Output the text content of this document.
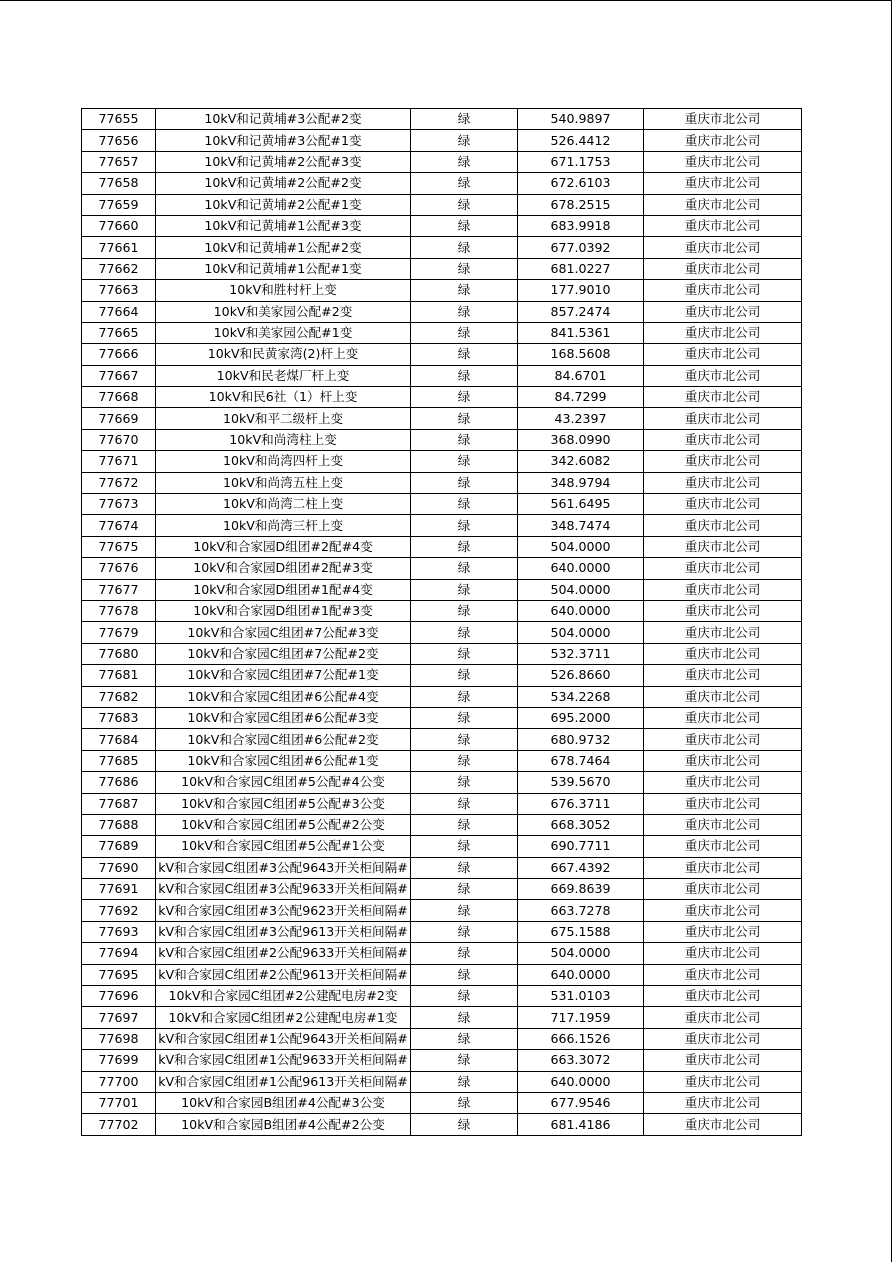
77655	10kV和记黄埔#3公配#2变	绿	540.9897	重庆市北公司
77656	10kV和记黄埔#3公配#1变	绿	526.4412	重庆市北公司
77657	10kV和记黄埔#2公配#3变	绿	671.1753	重庆市北公司
77658	10kV和记黄埔#2公配#2变	绿	672.6103	重庆市北公司
77659	10kV和记黄埔#2公配#1变	绿	678.2515	重庆市北公司
77660	10kV和记黄埔#1公配#3变	绿	683.9918	重庆市北公司
77661	10kV和记黄埔#1公配#2变	绿	677.0392	重庆市北公司
77662	10kV和记黄埔#1公配#1变	绿	681.0227	重庆市北公司
77663	10kV和胜村杆上变	绿	177.9010	重庆市北公司
77664	10kV和美家园公配#2变	绿	857.2474	重庆市北公司
77665	10kV和美家园公配#1变	绿	841.5361	重庆市北公司
77666	10kV和民黄家湾(2)杆上变	绿	168.5608	重庆市北公司
77667	10kV和民老煤厂杆上变	绿	84.6701	重庆市北公司
77668	10kV和民6社（1）杆上变	绿	84.7299	重庆市北公司
77669	10kV和平二级杆上变	绿	43.2397	重庆市北公司
77670	10kV和尚湾柱上变	绿	368.0990	重庆市北公司
77671	10kV和尚湾四杆上变	绿	342.6082	重庆市北公司
77672	10kV和尚湾五柱上变	绿	348.9794	重庆市北公司
77673	10kV和尚湾二柱上变	绿	561.6495	重庆市北公司
77674	10kV和尚湾三杆上变	绿	348.7474	重庆市北公司
77675	10kV和合家园D组团#2配#4变	绿	504.0000	重庆市北公司
77676	10kV和合家园D组团#2配#3变	绿	640.0000	重庆市北公司
77677	10kV和合家园D组团#1配#4变	绿	504.0000	重庆市北公司
77678	10kV和合家园D组团#1配#3变	绿	640.0000	重庆市北公司
77679	10kV和合家园C组团#7公配#3变	绿	504.0000	重庆市北公司
77680	10kV和合家园C组团#7公配#2变	绿	532.3711	重庆市北公司
77681	10kV和合家园C组团#7公配#1变	绿	526.8660	重庆市北公司
77682	10kV和合家园C组团#6公配#4变	绿	534.2268	重庆市北公司
77683	10kV和合家园C组团#6公配#3变	绿	695.2000	重庆市北公司
77684	10kV和合家园C组团#6公配#2变	绿	680.9732	重庆市北公司
77685	10kV和合家园C组团#6公配#1变	绿	678.7464	重庆市北公司
77686	10kV和合家园C组团#5公配#4公变	绿	539.5670	重庆市北公司
77687	10kV和合家园C组团#5公配#3公变	绿	676.3711	重庆市北公司
77688	10kV和合家园C组团#5公配#2公变	绿	668.3052	重庆市北公司
77689	10kV和合家园C组团#5公配#1公变	绿	690.7711	重庆市北公司
77690	kV和合家园C组团#3公配9643开关柜间隔#	绿	667.4392	重庆市北公司
77691	kV和合家园C组团#3公配9633开关柜间隔#	绿	669.8639	重庆市北公司
77692	kV和合家园C组团#3公配9623开关柜间隔#	绿	663.7278	重庆市北公司
77693	kV和合家园C组团#3公配9613开关柜间隔#	绿	675.1588	重庆市北公司
77694	kV和合家园C组团#2公配9633开关柜间隔#	绿	504.0000	重庆市北公司
77695	kV和合家园C组团#2公配9613开关柜间隔#	绿	640.0000	重庆市北公司
77696	10kV和合家园C组团#2公建配电房#2变	绿	531.0103	重庆市北公司
77697	10kV和合家园C组团#2公建配电房#1变	绿	717.1959	重庆市北公司
77698	kV和合家园C组团#1公配9643开关柜间隔#	绿	666.1526	重庆市北公司
77699	kV和合家园C组团#1公配9633开关柜间隔#	绿	663.3072	重庆市北公司
77700	kV和合家园C组团#1公配9613开关柜间隔#	绿	640.0000	重庆市北公司
77701	10kV和合家园B组团#4公配#3公变	绿	677.9546	重庆市北公司
77702	10kV和合家园B组团#4公配#2公变	绿	681.4186	重庆市北公司
